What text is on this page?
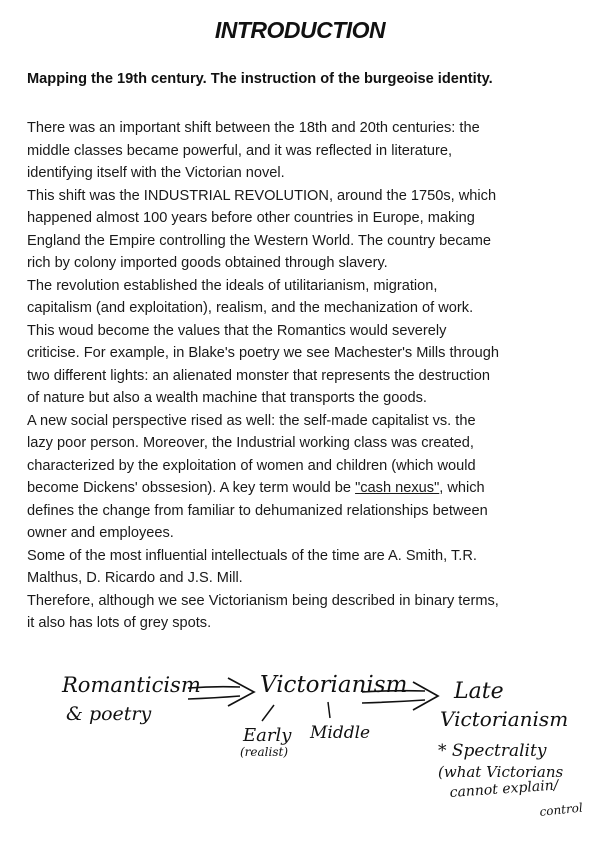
INTRODUCTION
Mapping the 19th century. The instruction of the burgeoise identity.
There was an important shift between the 18th and 20th centuries: the
middle classes became powerful, and it was reflected in literature,
identifying itself with the Victorian novel.
This shift was the INDUSTRIAL REVOLUTION, around the 1750s, which
happened almost 100 years before other countries in Europe, making
England the Empire controlling the Western World. The country became
rich by colony imported goods obtained through slavery.
The revolution established the ideals of utilitarianism, migration,
capitalism (and exploitation), realism, and the mechanization of work.
This woud become the values that the Romantics would severely
criticise. For example, in Blake's poetry we see Machester's Mills through
two different lights: an alienated monster that represents the destruction
of nature but also a wealth machine that transports the goods.
A new social perspective rised as well: the self-made capitalist vs. the
lazy poor person. Moreover, the Industrial working class was created,
characterized by the exploitation of women and children (which would
become Dickens' obssesion). A key term would be "cash nexus", which
defines the change from familiar to dehumanized relationships between
owner and employees.
Some of the most influential intellectuals of the time are A. Smith, T.R.
Malthus, D. Ricardo and J.S. Mill.
Therefore, although we see Victorianism being described in binary terms,
it also has lots of grey spots.
Romanticism
& poetry
Victorianism
Early
(realist)
Middle
Late
Victorianism
* Spectrality
(what Victorians
cannot explain/
control
